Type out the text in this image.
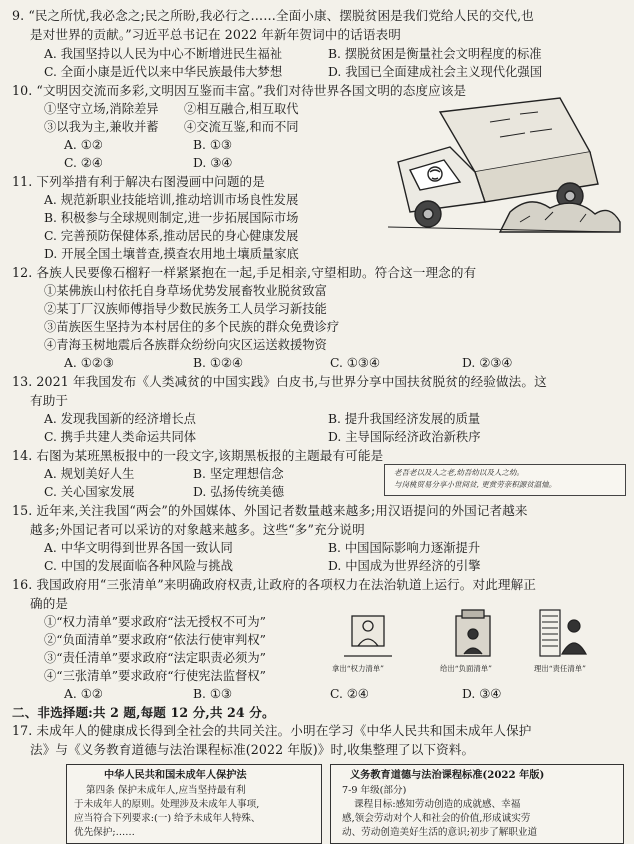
9. “民之所忧,我必念之;民之所盼,我必行之……全面小康、摆脱贫困是我们党给人民的交代,也
是对世界的贡献。”习近平总书记在 2022 年新年贺词中的话语表明
A. 我国坚持以人民为中心不断增进民生福祉	B. 摆脱贫困是衡量社会文明程度的标准
C. 全面小康是近代以来中华民族最伟大梦想	D. 我国已全面建成社会主义现代化强国
10. “文明因交流而多彩,文明因互鉴而丰富。”我们对待世界各国文明的态度应该是
①坚守立场,消除差异 ②相互融合,相互取代
③以我为主,兼收并蓄 ④交流互鉴,和而不同
A. ①②	B. ①③
C. ②④	D. ③④
11. 下列举措有利于解决右图漫画中问题的是
A. 规范新职业技能培训,推动培训市场良性发展
B. 积极参与全球规则制定,进一步拓展国际市场
C. 完善预防保健体系,推动居民的身心健康发展
D. 开展全国土壤普查,摸查农用地土壤质量家底
12. 各族人民要像石榴籽一样紧紧抱在一起,手足相亲,守望相助。符合这一理念的有
①某佛族山村依托自身草场优势发展畜牧业脱贫致富
②某丁厂汉族师傅指导少数民族务工人员学习新技能
③苗族医生坚持为本村居住的多个民族的群众免费诊疗
④青海玉树地震后各族群众纷纷向灾区运送救援物资
A. ①②③	B. ①②④	C. ①③④	D. ②③④
13. 2021 年我国发布《人类减贫的中国实践》白皮书,与世界分享中国扶贫脱贫的经验做法。这
有助于
A. 发现我国新的经济增长点	B. 提升我国经济发展的质量
C. 携手共建人类命运共同体	D. 主导国际经济政治新秩序
14. 右图为某班黑板报中的一段文字,该期黑板报的主题最有可能是
A. 规划美好人生	B. 坚定理想信念
C. 关心国家发展	D. 弘扬传统美德
老吾老以及人之老,幼吾幼以及人之幼。
与岗桃贸易分享小世间贫, 更赏劳亲积源贫温恤。
15. 近年来,关注我国“两会”的外国媒体、外国记者数量越来越多;用汉语提问的外国记者越来
越多;外国记者可以采访的对象越来越多。这些“多”充分说明
A. 中华文明得到世界各国一致认同	B. 中国国际影响力逐渐提升
C. 中国的发展面临各种风险与挑战	D. 中国成为世界经济的引擎
16. 我国政府用“三张清单”来明确政府权责,让政府的各项权力在法治轨道上运行。对此理解正
确的是
①“权力清单”要求政府“法无授权不可为”
②“负面清单”要求政府“依法行使审判权”
③“责任清单”要求政府“法定职责必须为”
④“三张清单”要求政府“行使宪法监督权”
A. ①②	B. ①③	C. ②④	D. ③④
拿出“权力清单”	给出“负面清单”	理出“责任清单”
二、非选择题:共 2 题,每题 12 分,共 24 分。
17. 未成年人的健康成长得到全社会的共同关注。小明在学习《中华人民共和国未成年人保护
法》与《义务教育道德与法治课程标准(2022 年版)》时,收集整理了以下资料。
中华人民共和国未成年人保护法
第四条 保护未成年人,应当坚持最有利
于未成年人的原则。处理涉及未成年人事项,
应当符合下列要求:(一) 给予未成年人特殊、
优先保护;……
义务教育道德与法治课程标准(2022 年版)
7-9 年级(部分)
课程目标:感知劳动创造的成就感、幸福
感,领会劳动对个人和社会的价值,形成诚实劳
动、劳动创造美好生活的意识;初步了解职业道
